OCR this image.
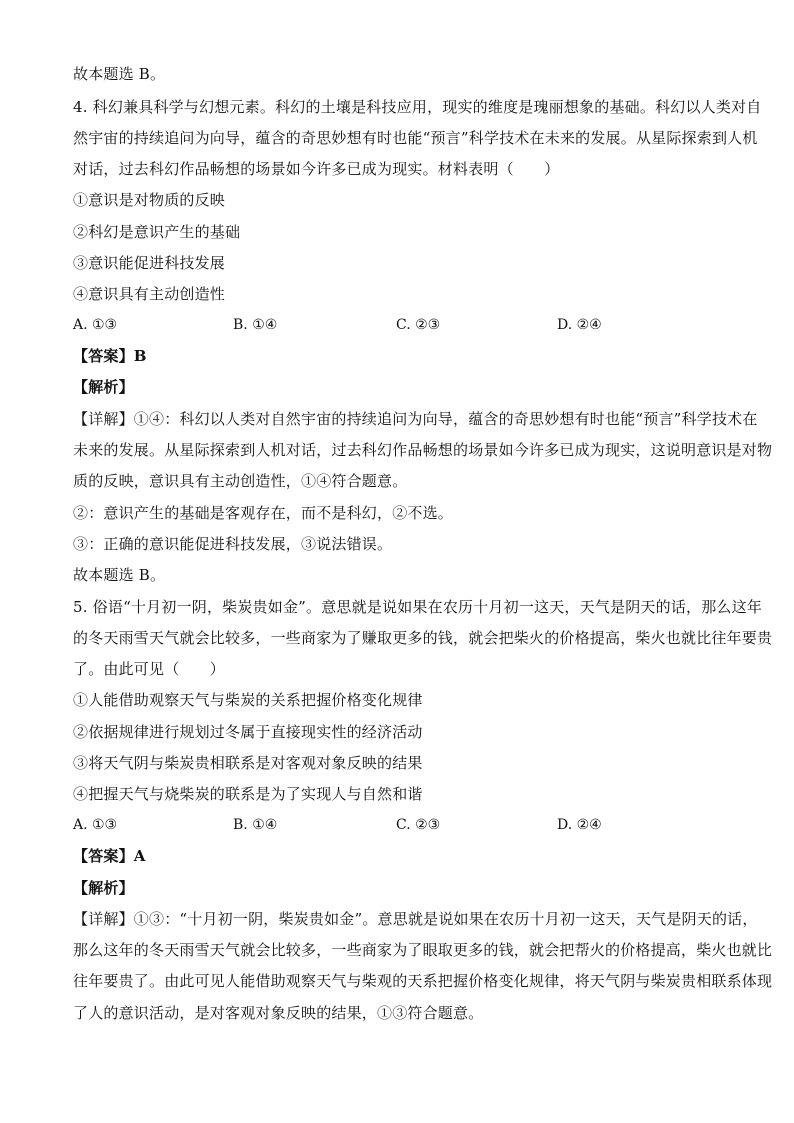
故本题选 B。
4. 科幻兼具科学与幻想元素。科幻的土壤是科技应用，现实的维度是瑰丽想象的基础。科幻以人类对自
然宇宙的持续追问为向导，蕴含的奇思妙想有时也能“预言”科学技术在未来的发展。从星际探索到人机
对话，过去科幻作品畅想的场景如今许多已成为现实。材料表明（　　）
①意识是对物质的反映
②科幻是意识产生的基础
③意识能促进科技发展
④意识具有主动创造性
A. ①③	B. ①④	C. ②③	D. ②④
【答案】B
【解析】
【详解】①④：科幻以人类对自然宇宙的持续追问为向导，蕴含的奇思妙想有时也能“预言”科学技术在
未来的发展。从星际探索到人机对话，过去科幻作品畅想的场景如今许多已成为现实，这说明意识是对物
质的反映，意识具有主动创造性，①④符合题意。
②：意识产生的基础是客观存在，而不是科幻，②不选。
③：正确的意识能促进科技发展，③说法错误。
故本题选 B。
5. 俗语“十月初一阴，柴炭贵如金”。意思就是说如果在农历十月初一这天，天气是阴天的话，那么这年
的冬天雨雪天气就会比较多，一些商家为了赚取更多的钱，就会把柴火的价格提高，柴火也就比往年要贵
了。由此可见（　　）
①人能借助观察天气与柴炭的关系把握价格变化规律
②依据规律进行规划过冬属于直接现实性的经济活动
③将天气阴与柴炭贵相联系是对客观对象反映的结果
④把握天气与烧柴炭的联系是为了实现人与自然和谐
A. ①③	B. ①④	C. ②③	D. ②④
【答案】A
【解析】
【详解】①③：“十月初一阴，柴炭贵如金”。意思就是说如果在农历十月初一这天，天气是阴天的话，
那么这年的冬天雨雪天气就会比较多，一些商家为了眼取更多的钱，就会把帮火的价格提高，柴火也就比
往年要贵了。由此可见人能借助观察天气与柴观的天系把握价格变化规律，将天气阴与柴炭贵相联系体现
了人的意识活动，是对客观对象反映的结果，①③符合题意。
